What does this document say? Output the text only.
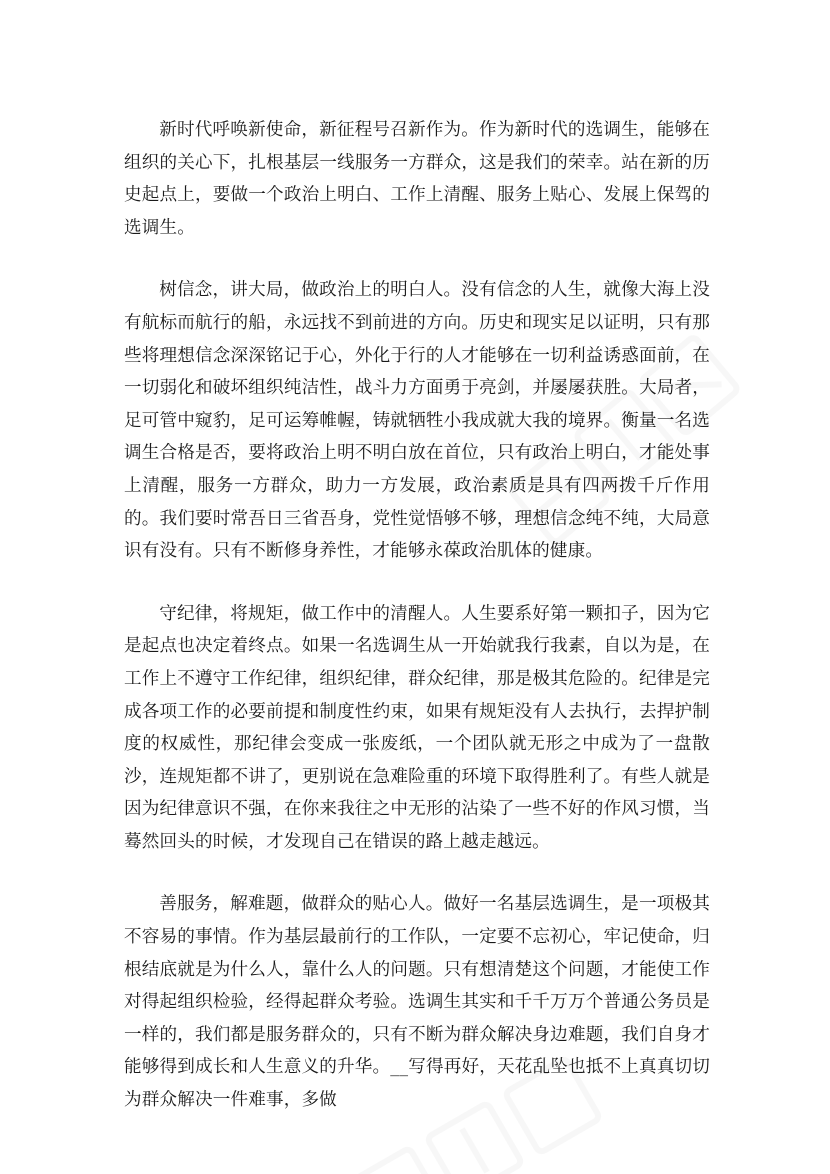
新时代呼唤新使命，新征程号召新作为。作为新时代的选调生，能够在组织的关心下，扎根基层一线服务一方群众，这是我们的荣幸。站在新的历史起点上，要做一个政治上明白、工作上清醒、服务上贴心、发展上保驾的选调生。

树信念，讲大局，做政治上的明白人。没有信念的人生，就像大海上没有航标而航行的船，永远找不到前进的方向。历史和现实足以证明，只有那些将理想信念深深铭记于心，外化于行的人才能够在一切利益诱惑面前，在一切弱化和破坏组织纯洁性，战斗力方面勇于亮剑，并屡屡获胜。大局者，足可管中窥豹，足可运筹帷幄，铸就牺牲小我成就大我的境界。衡量一名选调生合格是否，要将政治上明不明白放在首位，只有政治上明白，才能处事上清醒，服务一方群众，助力一方发展，政治素质是具有四两拨千斤作用的。我们要时常吾日三省吾身，党性觉悟够不够，理想信念纯不纯，大局意识有没有。只有不断修身养性，才能够永葆政治肌体的健康。

守纪律，将规矩，做工作中的清醒人。人生要系好第一颗扣子，因为它是起点也决定着终点。如果一名选调生从一开始就我行我素，自以为是，在工作上不遵守工作纪律，组织纪律，群众纪律，那是极其危险的。纪律是完成各项工作的必要前提和制度性约束，如果有规矩没有人去执行，去捍护制度的权威性，那纪律会变成一张废纸，一个团队就无形之中成为了一盘散沙，连规矩都不讲了，更别说在急难险重的环境下取得胜利了。有些人就是因为纪律意识不强，在你来我往之中无形的沾染了一些不好的作风习惯，当蓦然回头的时候，才发现自己在错误的路上越走越远。

善服务，解难题，做群众的贴心人。做好一名基层选调生，是一项极其不容易的事情。作为基层最前行的工作队，一定要不忘初心，牢记使命，归根结底就是为什么人，靠什么人的问题。只有想清楚这个问题，才能使工作对得起组织检验，经得起群众考验。选调生其实和千千万万个普通公务员是一样的，我们都是服务群众的，只有不断为群众解决身边难题，我们自身才能够得到成长和人生意义的升华。__写得再好，天花乱坠也抵不上真真切切为群众解决一件难事，多做
